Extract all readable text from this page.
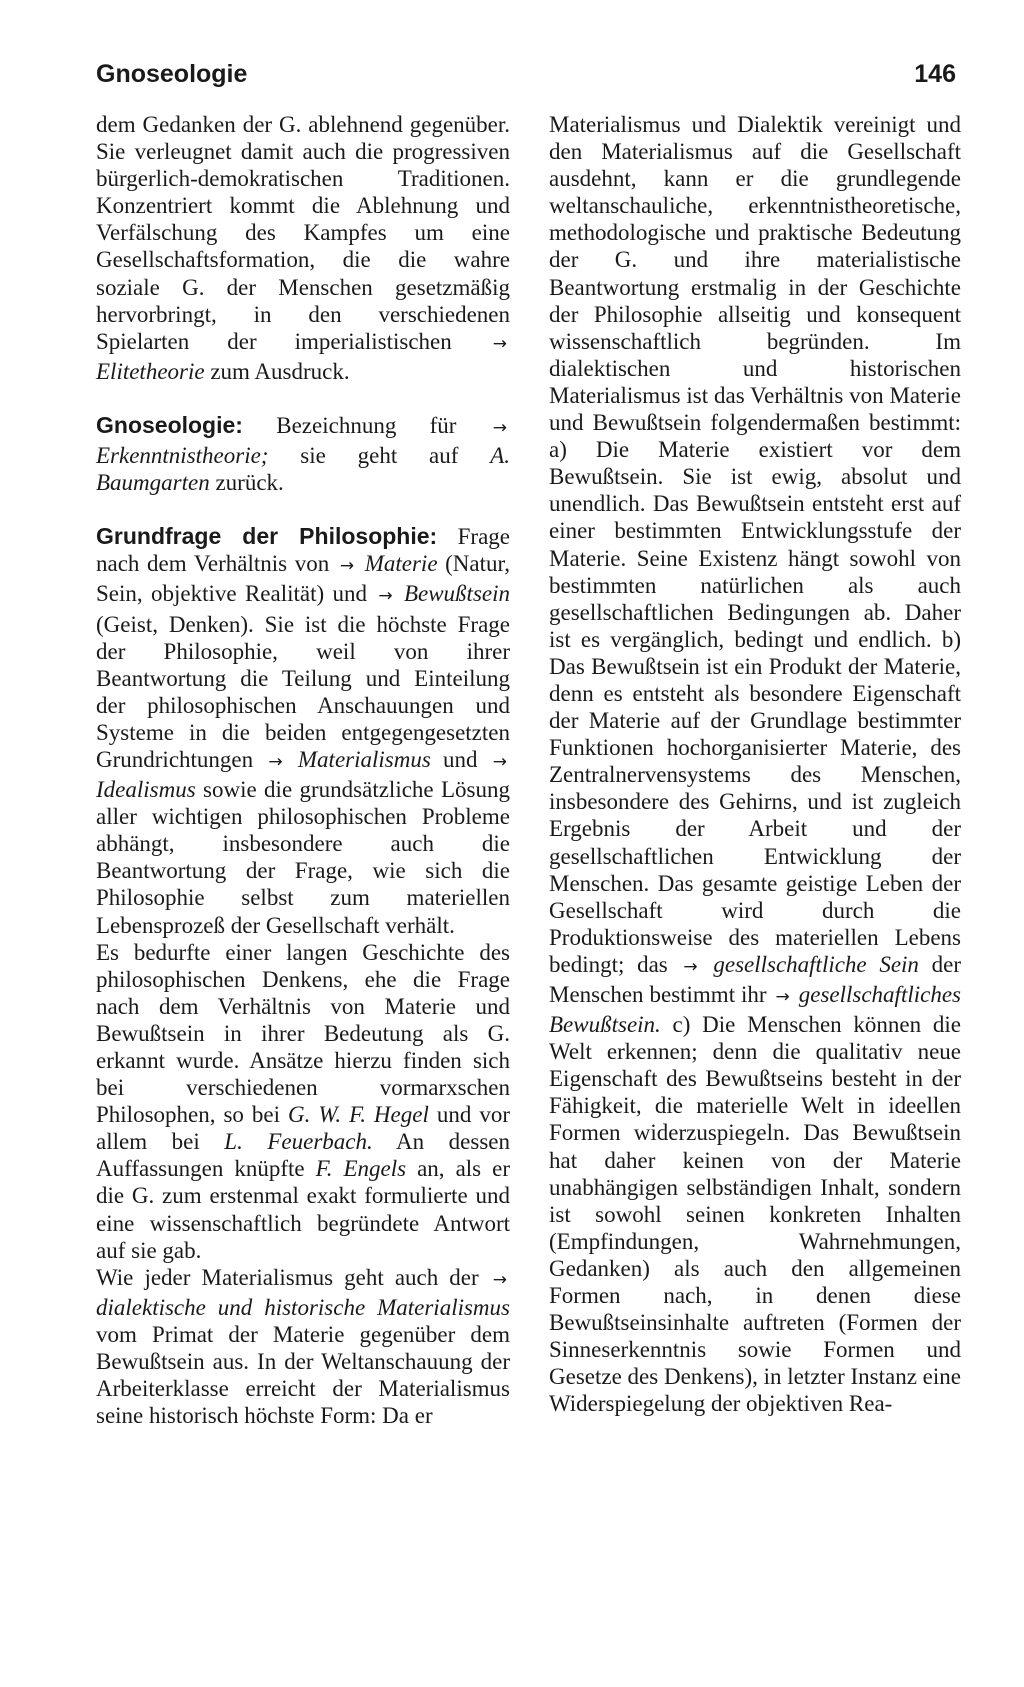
Gnoseologie	146

dem Gedanken der G. ablehnend gegenüber. Sie verleugnet damit auch die progressiven bürgerlich-demokratischen Traditionen. Konzentriert kommt die Ablehnung und Verfälschung des Kampfes um eine Gesellschaftsformation, die die wahre soziale G. der Menschen gesetzmäßig hervorbringt, in den verschiedenen Spielarten der imperialistischen → Elitetheorie zum Ausdruck.

Gnoseologie: Bezeichnung für → Erkenntnistheorie; sie geht auf A. Baumgarten zurück.

Grundfrage der Philosophie: Frage nach dem Verhältnis von → Materie (Natur, Sein, objektive Realität) und → Bewußtsein (Geist, Denken). Sie ist die höchste Frage der Philosophie, weil von ihrer Beantwortung die Teilung und Einteilung der philosophischen Anschauungen und Systeme in die beiden entgegengesetzten Grundrichtungen → Materialismus und → Idealismus sowie die grundsätzliche Lösung aller wichtigen philosophischen Probleme abhängt, insbesondere auch die Beantwortung der Frage, wie sich die Philosophie selbst zum materiellen Lebensprozeß der Gesellschaft verhält.

Es bedurfte einer langen Geschichte des philosophischen Denkens, ehe die Frage nach dem Verhältnis von Materie und Bewußtsein in ihrer Bedeutung als G. erkannt wurde. Ansätze hierzu finden sich bei verschiedenen vormarxschen Philosophen, so bei G. W. F. Hegel und vor allem bei L. Feuerbach. An dessen Auffassungen knüpfte F. Engels an, als er die G. zum erstenmal exakt formulierte und eine wissenschaftlich begründete Antwort auf sie gab.

Wie jeder Materialismus geht auch der → dialektische und historische Materialismus vom Primat der Materie gegenüber dem Bewußtsein aus. In der Weltanschauung der Arbeiterklasse erreicht der Materialismus seine historisch höchste Form: Da er

Materialismus und Dialektik vereinigt und den Materialismus auf die Gesellschaft ausdehnt, kann er die grundlegende weltanschauliche, erkenntnistheoretische, methodologische und praktische Bedeutung der G. und ihre materialistische Beantwortung erstmalig in der Geschichte der Philosophie allseitig und konsequent wissenschaftlich begründen. Im dialektischen und historischen Materialismus ist das Verhältnis von Materie und Bewußtsein folgendermaßen bestimmt: a) Die Materie existiert vor dem Bewußtsein. Sie ist ewig, absolut und unendlich. Das Bewußtsein entsteht erst auf einer bestimmten Entwicklungsstufe der Materie. Seine Existenz hängt sowohl von bestimmten natürlichen als auch gesellschaftlichen Bedingungen ab. Daher ist es vergänglich, bedingt und endlich. b) Das Bewußtsein ist ein Produkt der Materie, denn es entsteht als besondere Eigenschaft der Materie auf der Grundlage bestimmter Funktionen hochorganisierter Materie, des Zentralnervensystems des Menschen, insbesondere des Gehirns, und ist zugleich Ergebnis der Arbeit und der gesellschaftlichen Entwicklung der Menschen. Das gesamte geistige Leben der Gesellschaft wird durch die Produktionsweise des materiellen Lebens bedingt; das → gesellschaftliche Sein der Menschen bestimmt ihr → gesellschaftliches Bewußtsein. c) Die Menschen können die Welt erkennen; denn die qualitativ neue Eigenschaft des Bewußtseins besteht in der Fähigkeit, die materielle Welt in ideellen Formen widerzuspiegeln. Das Bewußtsein hat daher keinen von der Materie unabhängigen selbständigen Inhalt, sondern ist sowohl seinen konkreten Inhalten (Empfindungen, Wahrnehmungen, Gedanken) als auch den allgemeinen Formen nach, in denen diese Bewußtseinsinhalte auftreten (Formen der Sinneserkenntnis sowie Formen und Gesetze des Denkens), in letzter Instanz eine Widerspiegelung der objektiven Rea-
